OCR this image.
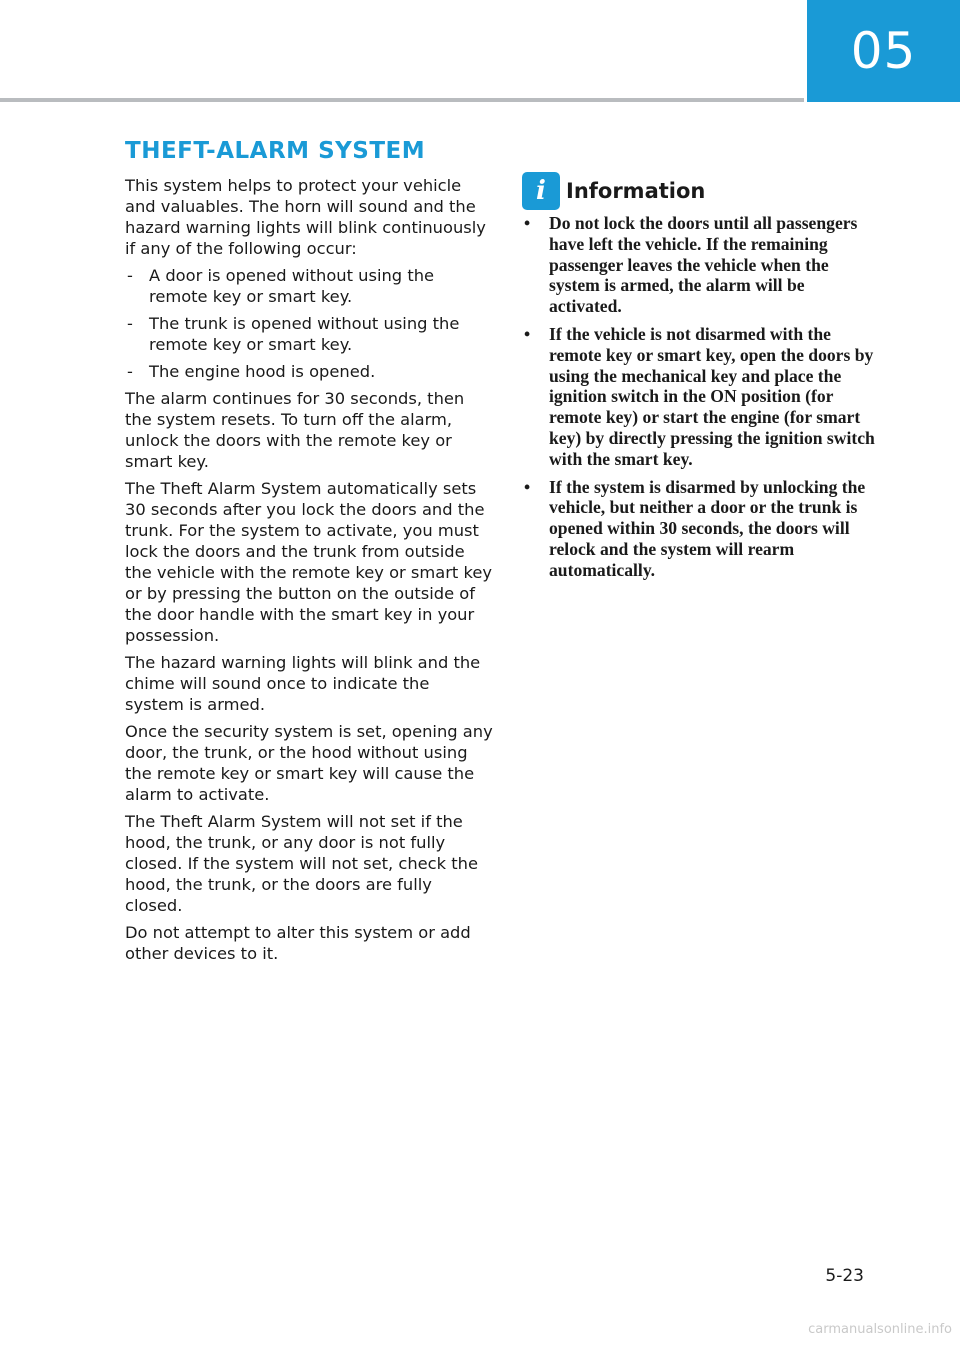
05
THEFT-ALARM SYSTEM

This system helps to protect your vehicle and valuables. The horn will sound and the hazard warning lights will blink continuously if any of the following occur:

- A door is opened without using the remote key or smart key.
- The trunk is opened without using the remote key or smart key.
- The engine hood is opened.

The alarm continues for 30 seconds, then the system resets. To turn off the alarm, unlock the doors with the remote key or smart key.

The Theft Alarm System automatically sets 30 seconds after you lock the doors and the trunk. For the system to activate, you must lock the doors and the trunk from outside the vehicle with the remote key or smart key or by pressing the button on the outside of the door handle with the smart key in your possession.

The hazard warning lights will blink and the chime will sound once to indicate the system is armed.

Once the security system is set, opening any door, the trunk, or the hood without using the remote key or smart key will cause the alarm to activate.

The Theft Alarm System will not set if the hood, the trunk, or any door is not fully closed. If the system will not set, check the hood, the trunk, or the doors are fully closed.

Do not attempt to alter this system or add other devices to it.

i Information
• Do not lock the doors until all passengers have left the vehicle. If the remaining passenger leaves the vehicle when the system is armed, the alarm will be activated.
• If the vehicle is not disarmed with the remote key or smart key, open the doors by using the mechanical key and place the ignition switch in the ON position (for remote key) or start the engine (for smart key) by directly pressing the ignition switch with the smart key.
• If the system is disarmed by unlocking the vehicle, but neither a door or the trunk is opened within 30 seconds, the doors will relock and the system will rearm automatically.
5-23
carmanualsonline.info
